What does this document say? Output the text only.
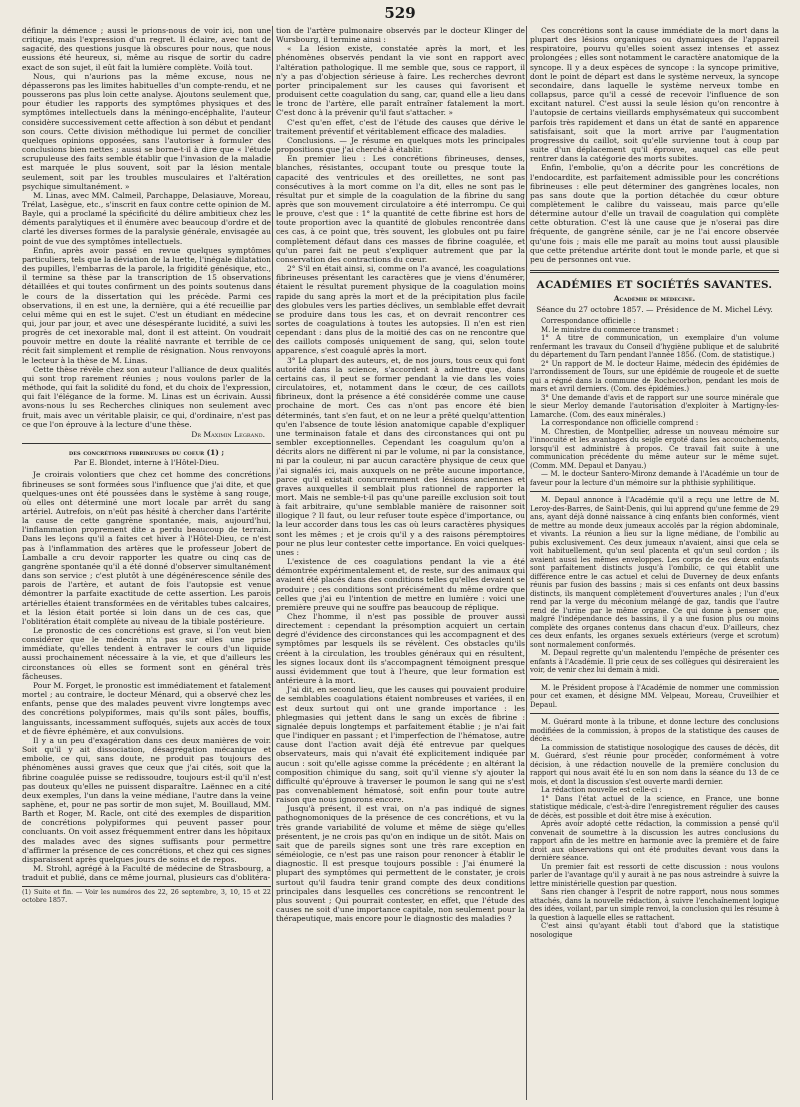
529

définir la démence ; aussi le prions-nous de voir ici, non une critique, mais l'expression d'un regret. Il éclaire, avec tant de sagacité, des questions jusque là obscures pour nous, que nous eussions été heureux, si, même au risque de sortir du cadre exact de son sujet, il eût fait la lumière complète. Voilà tout.

Nous, qui n'aurions pas la même excuse, nous ne dépasserons pas les limites habituelles d'un compte-rendu, et ne pousserons pas plus loin cette analyse. Ajoutons seulement que, pour étudier les rapports des symptômes physiques et des symptômes intellectuels dans la méningo-encéphalite, l'auteur considère successivement cette affection à son début et pendant son cours. Cette division méthodique lui permet de concilier quelques opinions opposées, sans l'autoriser à formuler des conclusions bien nettes ; aussi se borne-t-il à dire que « l'étude scrupuleuse des faits semble établir que l'invasion de la maladie est marquée le plus souvent, soit par la lésion mentale seulement, soit par les troubles musculaires et l'altération psychique simultanément. »

M. Linas, avec MM. Calmeil, Parchappe, Delasiauve, Moreau, Trélat, Lasègue, etc., s'inscrit en faux contre cette opinion de M. Bayle, qui a proclamé la spécificité du délire ambitieux chez les déments paralytiques et il énumère avec beaucoup d'ordre et de clarté les diverses formes de la paralysie générale, envisagée au point de vue des symptômes intellectuels.

Enfin, après avoir passé en revue quelques symptômes particuliers, tels que la déviation de la luette, l'inégale dilatation des pupilles, l'embarras de la parole, la frigidité génésique, etc., il termine sa thèse par la transcription de 15 observations détaillées et qui toutes confirment un des points soutenus dans le cours de la dissertation qui les précède. Parmi ces observations, il en est une, la dernière, qui a été recueillie par celui même qui en est le sujet. C'est un étudiant en médecine qui, jour par jour, et avec une désespérante lucidité, a suivi les progrès de cet inexorable mal, dont il est atteint. On voudrait pouvoir mettre en doute la réalité navrante et terrible de ce récit fait simplement et remplie de résignation. Nous renvoyons le lecteur à la thèse de M. Linas.

Cette thèse révèle chez son auteur l'alliance de deux qualités qui sont trop rarement réunies ; nous voulons parler de la méthode, qui fait la solidité du fond, et du choix de l'expression, qui fait l'élégance de la forme. M. Linas est un écrivain. Aussi avons-nous lu ses Recherches cliniques non seulement avec fruit, mais avec un véritable plaisir, ce qui, d'ordinaire, n'est pas ce que l'on éprouve à la lecture d'une thèse.

Dr Maximin Legrand.
des concrétions fibrineuses du coeur (1) ;
Par E. Blondet, interne à l'Hôtel-Dieu.

Je croirais volontiers que chez cet homme des concrétions fibrineuses se sont formées sous l'influence que j'ai dite, et que quelques-unes ont été poussées dans le système à sang rouge, où elles ont déterminé une mort locale par arrêt du sang artériel. Autrefois, on n'eût pas hésité à chercher dans l'artérite la cause de cette gangrène spontanée, mais, aujourd'hui, l'inflammation proprement dite a perdu beaucoup de terrain. Dans les leçons qu'il a faites cet hiver à l'Hôtel-Dieu, ce n'est pas à l'inflammation des artères que le professeur Jobert de Lamballe a cru devoir rapporter les quatre ou cinq cas de gangrène spontanée qu'il a été donné d'observer simultanément dans son service ; c'est plutôt à une dégénérescence sénile des parois de l'artère, et autant de fois l'autopsie est venue démontrer la parfaite exactitude de cette assertion. Les parois artérielles étaient transformées en de véritables tubes calcaires, et la lésion était portée si loin dans un de ces cas, que l'oblitération était complète au niveau de la tibiale postérieure.

Le pronostic de ces concrétions est grave, si l'on veut bien considérer que le médecin n'a pas sur elles une prise immédiate, qu'elles tendent à entraver le cours d'un liquide aussi prochainement nécessaire à la vie, et que d'ailleurs les circonstances où elles se forment sont en général très fâcheuses.

Pour M. Forget, le pronostic est immédiatement et fatalement mortel ; au contraire, le docteur Ménard, qui a observé chez les enfants, pense que des malades peuvent vivre longtemps avec des concrétions polypiformes, mais qu'ils sont pâles, bouffis, languissants, incessamment suffoqués, sujets aux accès de toux et de fièvre éphémère, et aux convulsions.

Il y a un peu d'exagération dans ces deux manières de voir. Soit qu'il y ait dissociation, désagrégation mécanique et embolie, ce qui, sans doute, ne produit pas toujours des phénomènes aussi graves que ceux que j'ai cités, soit que la fibrine coagulée puisse se redissoudre, toujours est-il qu'il n'est pas douteux qu'elles ne puissent disparaître. Laënnec en a cité deux exemples, l'un dans la veine médiane, l'autre dans la veine saphène, et, pour ne pas sortir de mon sujet, M. Bouillaud, MM. Barth et Roger, M. Racle, ont cité des exemples de disparition de concrétions polypiformes qui peuvent passer pour concluants. On voit assez fréquemment entrer dans les hôpitaux des malades avec des signes suffisants pour permettre d'affirmer la présence de ces concrétions, et chez qui ces signes disparaissent après quelques jours de soins et de repos.

M. Strohl, agrégé à la Faculté de médecine de Strasbourg, a traduit et publié, dans ce même journal, plusieurs cas d'oblitéra-

(1) Suite et fin. — Voir les numéros des 22, 26 septembre, 3, 10, 15 et 22 octobre 1857.

tion de l'artère pulmonaire observés par le docteur Klinger de Wursbourg, il termine ainsi :

« La lésion existe, constatée après la mort, et les phénomènes observés pendant la vie sont en rapport avec l'altération pathologique. Il me semble que, sous ce rapport, il n'y a pas d'objection sérieuse à faire. Les recherches devront porter principalement sur les causes qui favorisent et produisent cette coagulation du sang, car, quand elle a lieu dans le tronc de l'artère, elle paraît entraîner fatalement la mort. C'est donc à la prévenir qu'il faut s'attacher. »

C'est qu'en effet, c'est de l'étude des causes que dérive le traitement préventif et véritablement efficace des maladies.

Conclusions. — Je résume en quelques mots les principales propositions que j'ai cherché à établir.

En premier lieu : Les concrétions fibrineuses, denses, blanches, résistantes, occupant toute ou presque toute la capacité des ventricules et des oreillettes, ne sont pas consécutives à la mort comme on l'a dit, elles ne sont pas le résultat pur et simple de la coagulation de la fibrine du sang après que son mouvement circulatoire a été interrompu. Ce qui le prouve, c'est que : 1° la quantité de cette fibrine est hors de toute proportion avec la quantité de globules rencontrée dans ces cas, à ce point que, très souvent, les globules ont pu faire complètement défaut dans ces masses de fibrine coagulée, et qu'un parei fait ne peut s'expliquer autrement que par la conservation des contractions du cœur.

2° S'il en était ainsi, si, comme on l'a avancé, les coagulations fibrineuses présentant les caractères que je viens d'énumérer, étaient le résultat purement physique de la coagulation moins rapide du sang après la mort et de la précipitation plus facile des globules vers les parties déclives, un semblable effet devrait se produire dans tous les cas, et on devrait rencontrer ces sortes de coagulations à toutes les autopsies. Il n'en est rien cependant : dans plus de la moitié des cas on ne rencontre que des caillots composés uniquement de sang, qui, selon toute apparence, s'est coagulé après la mort.

3° La plupart des auteurs, et, de nos jours, tous ceux qui font autorité dans la science, s'accordent à admettre que, dans certains cas, il peut se former pendant la vie dans les voies circulatoires, et, notamment dans le cœur, de ces caillots fibrineux, dont la présence a été considérée comme une cause prochaine de mort. Ces cas n'ont pas encore été bien déterminés, tant s'en faut, et on ne leur a prêté quelqu'attention qu'en l'absence de toute lésion anatomique capable d'expliquer une terminaison fatale et dans des circonstances qui ont pu sembler exceptionnelles. Cependant les coagulum qu'on a décrits alors ne diffèrent ni par le volume, ni par la consistance, ni par la couleur, ni par aucun caractère physique de ceux que j'ai signalés ici, mais auxquels on ne prête aucune importance, parce qu'il existait concurremment des lésions anciennes et graves auxquelles il semblait plus rationnel de rapporter la mort. Mais ne semble-t-il pas qu'une pareille exclusion soit tout à fait arbitraire, qu'une semblable manière de raisonner soit illogique ? Il faut, ou leur refuser toute espèce d'importance, ou la leur accorder dans tous les cas où leurs caractères physiques sont les mêmes ; et je crois qu'il y a des raisons péremptoires pour ne plus leur contester cette importance. En voici quelques-unes :

L'existence de ces coagulations pendant la vie a été démontrée expérimentalement et, de reste, sur des animaux qui avaient été placés dans des conditions telles qu'elles devaient se produire ; ces conditions sont précisément du même ordre que celles que j'ai eu l'intention de mettre en lumière : voici une première preuve qui ne souffre pas beaucoup de réplique.

Chez l'homme, il n'est pas possible de prouver aussi directement : cependant la présomption acquiert un certain degré d'évidence des circonstances qui les accompagnent et des symptômes par lesquels ils se révèlent. Ces obstacles qu'ils créent à la circulation, les troubles généraux qui en résultent, les signes locaux dont ils s'accompagnent témoignent presque aussi évidemment que tout à l'heure, que leur formation est antérieure à la mort.

J'ai dit, en second lieu, que les causes qui pouvaient produire de semblables coagulations étaient nombreuses et variées, il en est deux surtout qui ont une grande importance : les phlegmasies qui jettent dans le sang un excès de fibrine : signalée depuis longtemps et parfaitement établie ; je n'ai fait que l'indiquer en passant ; et l'imperfection de l'hématose, autre cause dont l'action avait déjà été entrevue par quelques observateurs, mais qui n'avait été explicitement indiquée par aucun : soit qu'elle agisse comme la précédente ; en altérant la composition chimique du sang, soit qu'il vienne s'y ajouter la difficulté qu'éprouve à traverser le poumon le sang qui ne s'est pas convenablement hématosé, soit enfin pour toute autre raison que nous ignorons encore.

Jusqu'à présent, il est vrai, on n'a pas indiqué de signes pathognomoniques de la présence de ces concrétions, et vu la très grande variabilité de volume et même de siège qu'elles présentent, je ne crois pas qu'on en indique un de sitôt. Mais on sait que de pareils signes sont une très rare exception en séméiologie, ce n'est pas une raison pour renoncer à établir le diagnostic. Il est presque toujours possible : J'ai énumeré la plupart des symptômes qui permettent de le constater, je crois surtout qu'il faudra tenir grand compte des deux conditions principales dans lesquelles ces concrétions se rencontrent le plus souvent ; Qui pourrait contester, en effet, que l'étude des causes ne soit d'une importance capitale, non seulement pour la thérapeutique, mais encore pour le diagnostic des maladies ?

Ces concrétions sont la cause immédiate de la mort dans la plupart des lésions organiques ou dynamiques de l'appareil respiratoire, pourvu qu'elles soient assez intenses et assez prolongées ; elles sont notamment le caractère anatomique de la syncope. Il y a deux espèces de syncope : la syncope primitive, dont le point de départ est dans le système nerveux, la syncope secondaire, dans laquelle le système nerveux tombe en collapsus, parce qu'il a cessé de recevoir l'influence de son excitant naturel. C'est aussi la seule lésion qu'on rencontre à l'autopsie de certains vieillards emphysémateux qui succombent parfois très rapidement et dans un état de santé en apparence satisfaisant, soit que la mort arrive par l'augmentation progressive du caillot, soit qu'elle survienne tout à coup par suite d'un déplacement qu'il éprouve, auquel cas elle peut rentrer dans la catégorie des morts subites.

Enfin, l'embolie, qu'on a décrite pour les concrétions de l'endocardite, est parfaitement admissible pour les concrétions fibrineuses : elle peut déterminer des gangrènes locales, non pas sans doute que la portion détachée du cœur obture complètement le calibre du vaisseau, mais parce qu'elle détermine autour d'elle un travail de coagulation qui complète cette obturation. C'est là une cause que je n'oserai pas dire fréquente, de gangrène sénile, car je ne l'ai encore observée qu'une fois ; mais elle me paraît au moins tout aussi plausible que cette prétendue artérite dont tout le monde parle, et que si peu de personnes ont vue.

ACADÉMIES ET SOCIÉTÉS SAVANTES.
Académie de médecine.
Séance du 27 octobre 1857. — Présidence de M. Michel Lévy.

Correspondance officielle :

M. le ministre du commerce transmet :

1° A titre de communication, un exemplaire d'un volume renfermant les travaux du Conseil d'hygiène publique et de salubrité du département du Tarn pendant l'année 1856. (Com. de statistique.)

2° Un rapport de M. le docteur Haime, médecin des épidémies de l'arrondissement de Tours, sur une épidémie de rougeole et de suette qui a régné dans la commune de Rochecorbon, pendant les mois de mars et avril derniers. (Com. des épidémies.)

3° Une demande d'avis et de rapport sur une source minérale que le sieur Merloy demande l'autorisation d'exploiter à Martigny-les-Lamarche. (Com. des eaux minérales.)

La correspondance non officielle comprend :

M. Chrestien, de Montpellier, adresse un nouveau mémoire sur l'innocuité et les avantages du seigle ergoté dans les accouchements, lorsqu'il est administré à propos. Ce travail fait suite à une communication précédente du même auteur sur le même sujet. (Comm. MM. Depaul et Danyau.)

— M. le docteur Santero-Mironz demande à l'Académie un tour de faveur pour la lecture d'un mémoire sur la phthisie syphilitique.

M. Depaul annonce à l'Académie qu'il a reçu une lettre de M. Leroy-des-Barres, de Saint-Denis, qui lui apprend qu'une femme de 29 ans, ayant déjà donné naissance à cinq enfants bien conformés, vient de mettre au monde deux jumeaux accolés par la région abdominale, et vivants. La réunion a lieu sur la ligne médiane, de l'ombilic au pubis exclusivement. Ces deux jumeaux n'avaient, ainsi que cela se voit habituellement, qu'un seul placenta et qu'un seul cordon ; ils avaient aussi les mêmes enveloppes. Les corps de ces deux enfants sont parfaitement distincts jusqu'à l'ombilic, ce qui établit une différence entre le cas actuel et celui de Duverney de deux enfants réunis par fusion des bassins ; mais si ces enfants ont deux bassins distincts, ils manquent complètement d'ouvertures anales ; l'un d'eux rend par la verge du méconium mélangé de gaz, tandis que l'autre rend de l'urine par le même organe. Ce qui donne à penser que, malgré l'indépendance des bassins, il y a une fusion plus ou moins complète des organes contenus dans chacun d'eux. D'ailleurs, chez ces deux enfants, les organes sexuels extérieurs (verge et scrotum) sont normalement conformés.

M. Depaul regrette qu'un malentendu l'empêche de présenter ces enfants à l'Académie. Il prie ceux de ses collègues qui désireraient les voir, de venir chez lui demain à midi.

M. le Président propose à l'Académie de nommer une commission pour cet examen, et désigne MM. Velpeau, Moreau, Cruveilhier et Depaul.

M. Guérard monte à la tribune, et donne lecture des conclusions modifiées de la commission, à propos de la statistique des causes de décès.

La commission de statistique nosologique des causes de décès, dit M. Guérard, s'est réunie pour procéder, conformément à votre décision, à une rédaction nouvelle de la première conclusion du rapport qui nous avait été lu en son nom dans la séance du 13 de ce mois, et dont la discussion s'est ouverte mardi dernier.

La rédaction nouvelle est celle-ci :

1° Dans l'état actuel de la science, en France, une bonne statistique médicale, c'est-à-dire l'enregistrement régulier des causes de décès, est possible et doit être mise à exécution.

Après avoir adopté cette rédaction, la commission a pensé qu'il convenait de soumettre à la discussion les autres conclusions du rapport afin de les mettre en harmonie avec la première et de faire droit aux observations qui ont été produites devant vous dans la dernière séance.

Un premier fait est ressorti de cette discussion : nous voulons parler de l'avantage qu'il y aurait à ne pas nous astreindre à suivre la lettre ministérielle question par question.

Sans rien changer à l'esprit de notre rapport, nous nous sommes attachés, dans la nouvelle rédaction, à suivre l'enchaînement logique des idées, voilant, par un simple renvoi, la conclusion qui les résume à la question à laquelle elles se rattachent.

C'est ainsi qu'ayant établi tout d'abord que la statistique nosologique
